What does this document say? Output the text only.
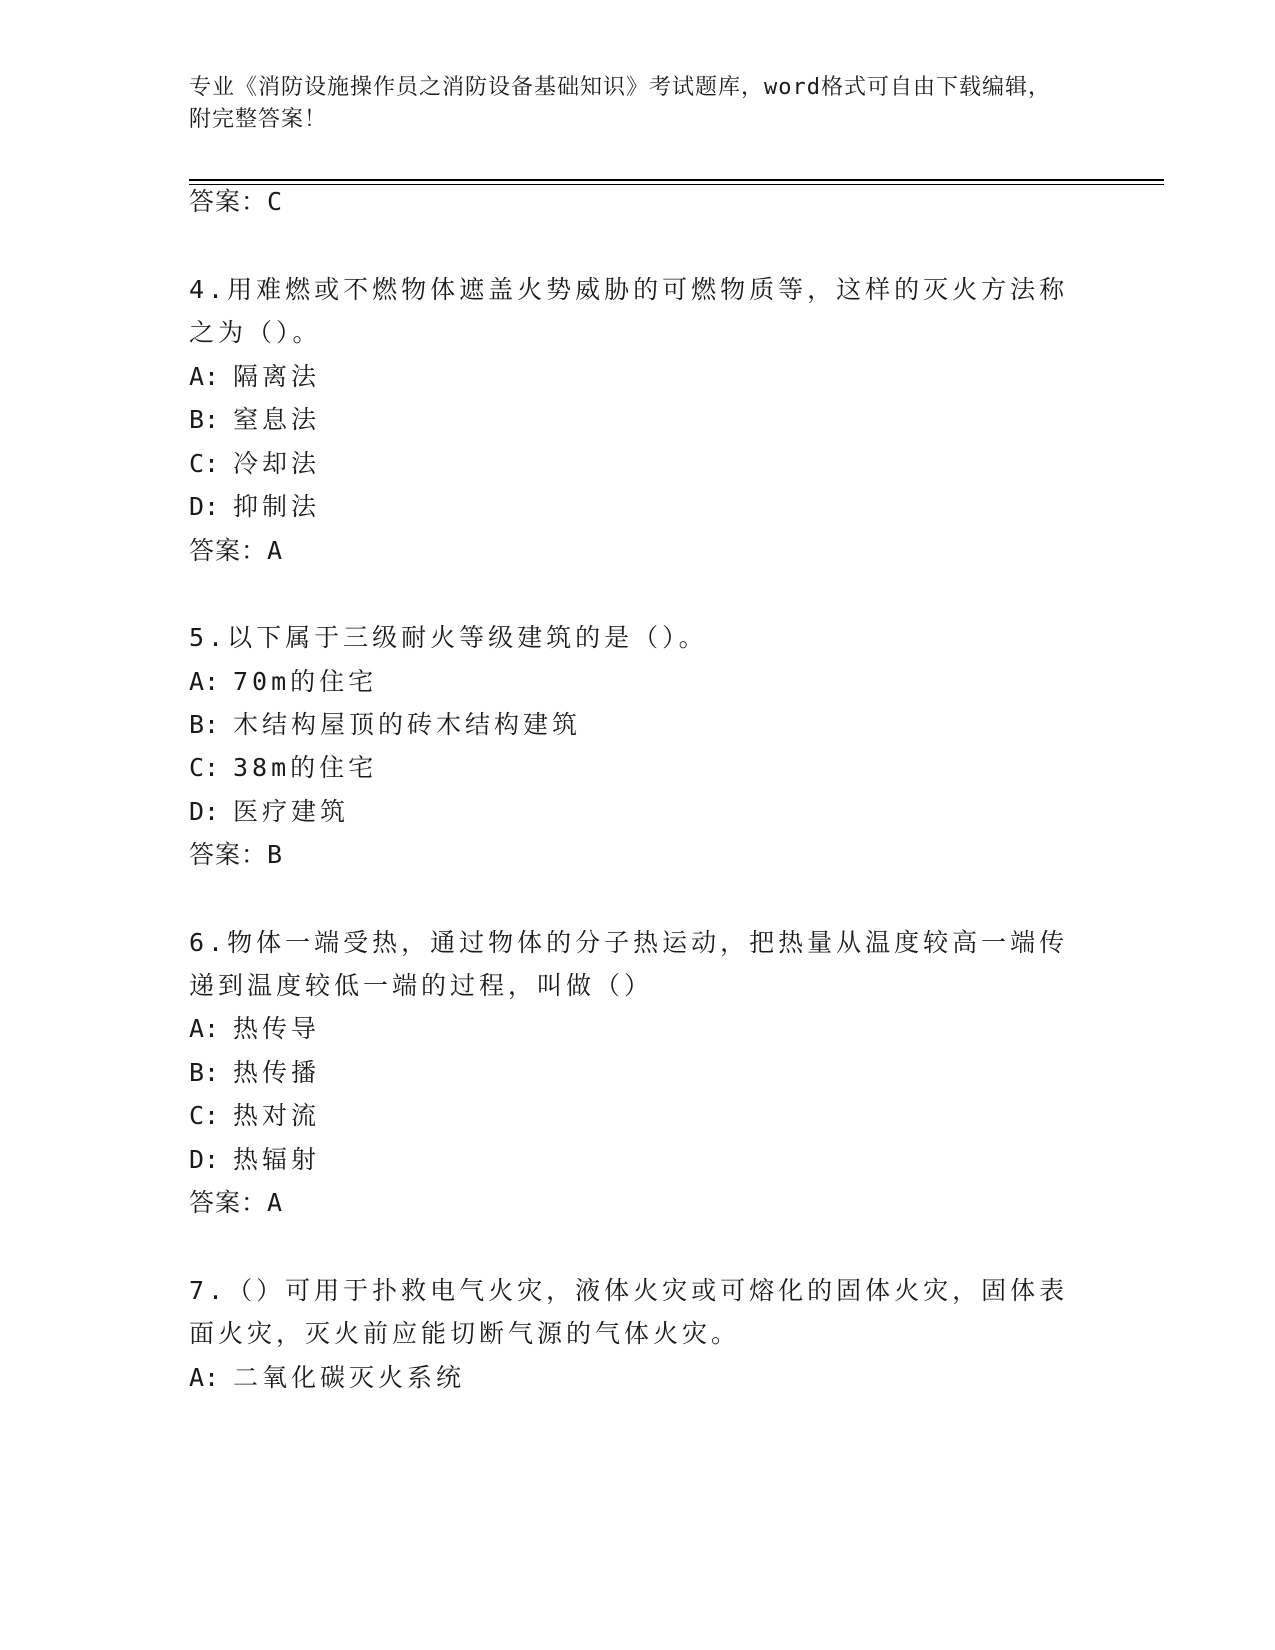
专业《消防设施操作员之消防设备基础知识》考试题库，word格式可自由下载编辑，附完整答案！
答案：C
4.用难燃或不燃物体遮盖火势威胁的可燃物质等，这样的灭火方法称
之为（）。
A: 隔离法
B: 窒息法
C: 冷却法
D: 抑制法
答案：A
5.以下属于三级耐火等级建筑的是（）。
A: 70m的住宅
B: 木结构屋顶的砖木结构建筑
C: 38m的住宅
D: 医疗建筑
答案：B
6.物体一端受热，通过物体的分子热运动，把热量从温度较高一端传
递到温度较低一端的过程，叫做（）
A: 热传导
B: 热传播
C: 热对流
D: 热辐射
答案：A
7.（）可用于扑救电气火灾，液体火灾或可熔化的固体火灾，固体表
面火灾，灭火前应能切断气源的气体火灾。
A: 二氧化碳灭火系统
